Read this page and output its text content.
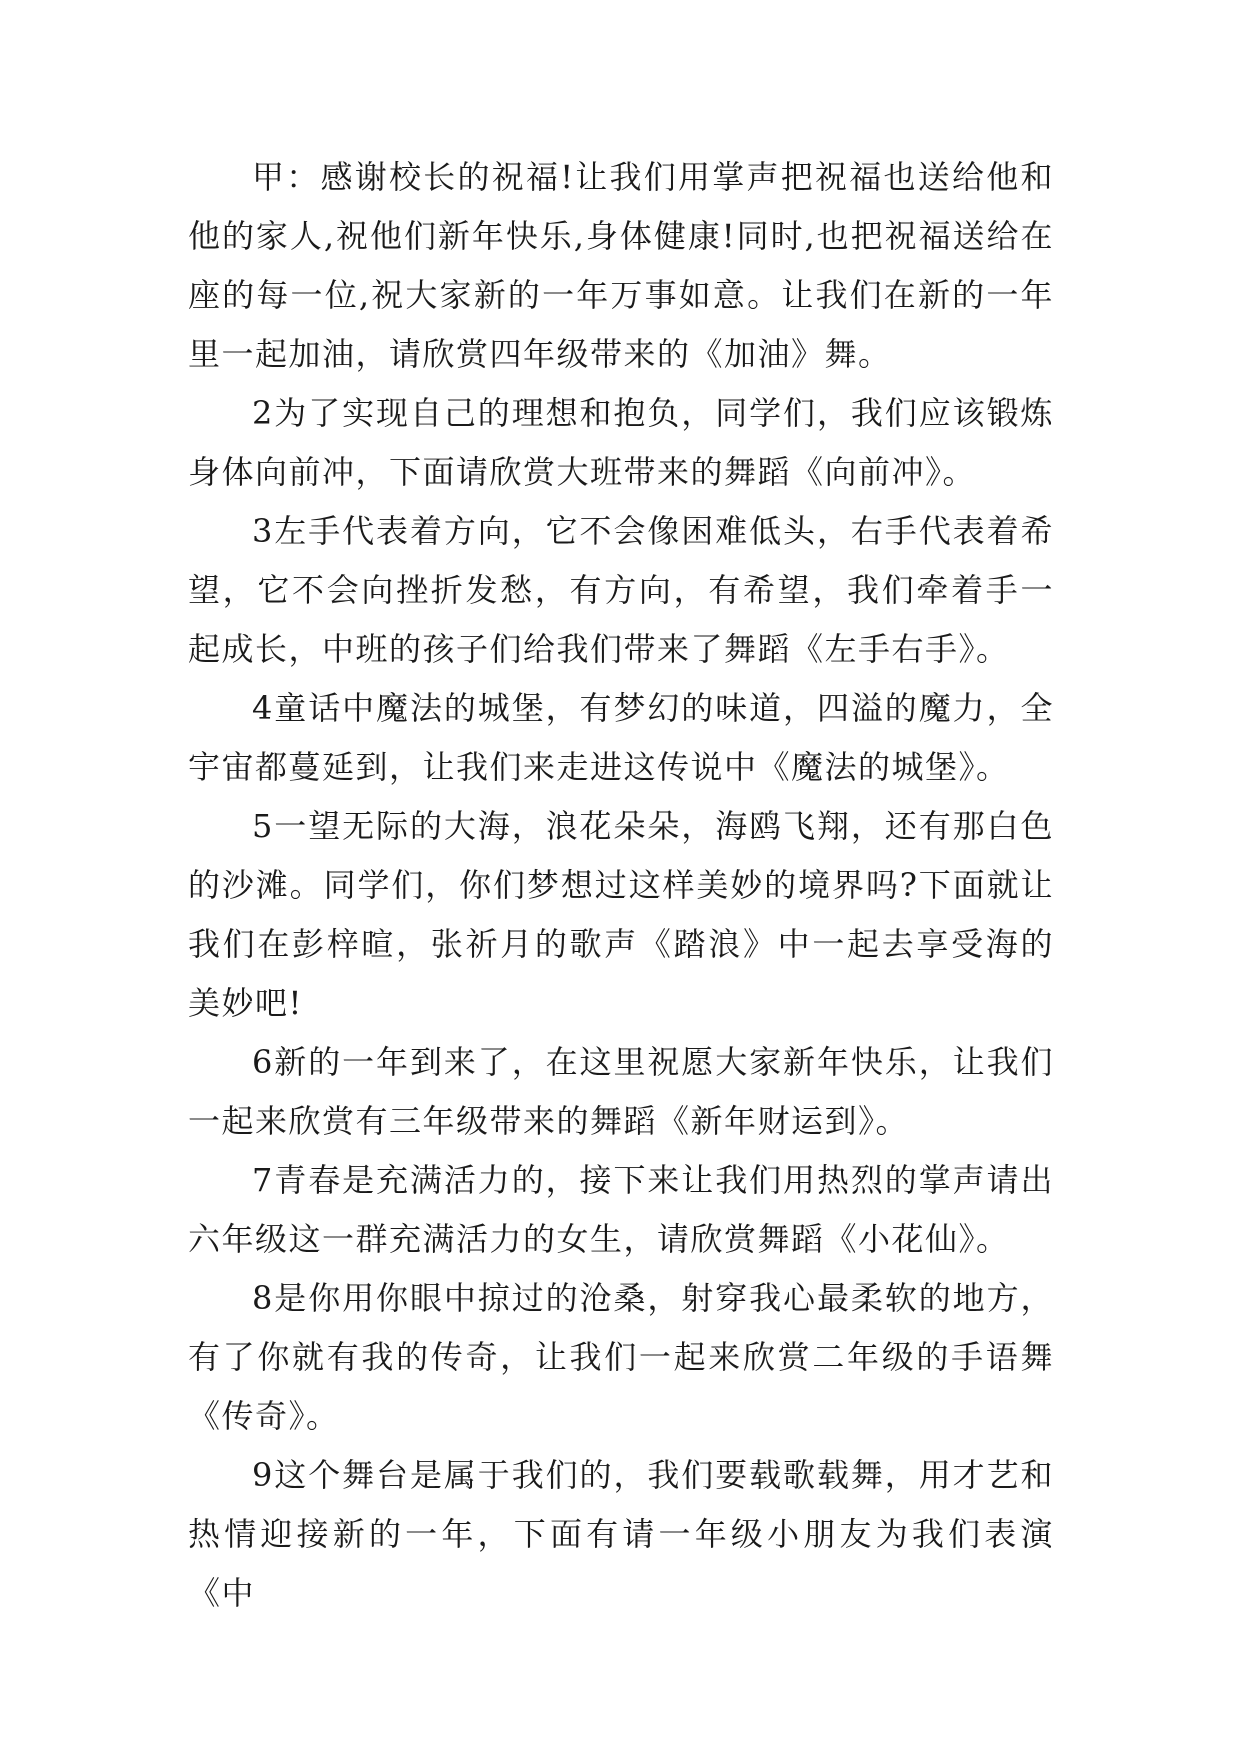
甲：感谢校长的祝福!让我们用掌声把祝福也送给他和他的家人,祝他们新年快乐,身体健康!同时,也把祝福送给在座的每一位,祝大家新的一年万事如意。让我们在新的一年里一起加油，请欣赏四年级带来的《加油》舞。

2为了实现自己的理想和抱负，同学们，我们应该锻炼身体向前冲，下面请欣赏大班带来的舞蹈《向前冲》。

3左手代表着方向，它不会像困难低头，右手代表着希望，它不会向挫折发愁，有方向，有希望，我们牵着手一起成长，中班的孩子们给我们带来了舞蹈《左手右手》。

4童话中魔法的城堡，有梦幻的味道，四溢的魔力，全宇宙都蔓延到，让我们来走进这传说中《魔法的城堡》。

5一望无际的大海，浪花朵朵，海鸥飞翔，还有那白色的沙滩。同学们，你们梦想过这样美妙的境界吗?下面就让我们在彭梓暄，张祈月的歌声《踏浪》中一起去享受海的美妙吧!

6新的一年到来了，在这里祝愿大家新年快乐，让我们一起来欣赏有三年级带来的舞蹈《新年财运到》。

7青春是充满活力的，接下来让我们用热烈的掌声请出六年级这一群充满活力的女生，请欣赏舞蹈《小花仙》。

8是你用你眼中掠过的沧桑，射穿我心最柔软的地方，有了你就有我的传奇，让我们一起来欣赏二年级的手语舞《传奇》。

9这个舞台是属于我们的，我们要载歌载舞，用才艺和热情迎接新的一年，下面有请一年级小朋友为我们表演《中
